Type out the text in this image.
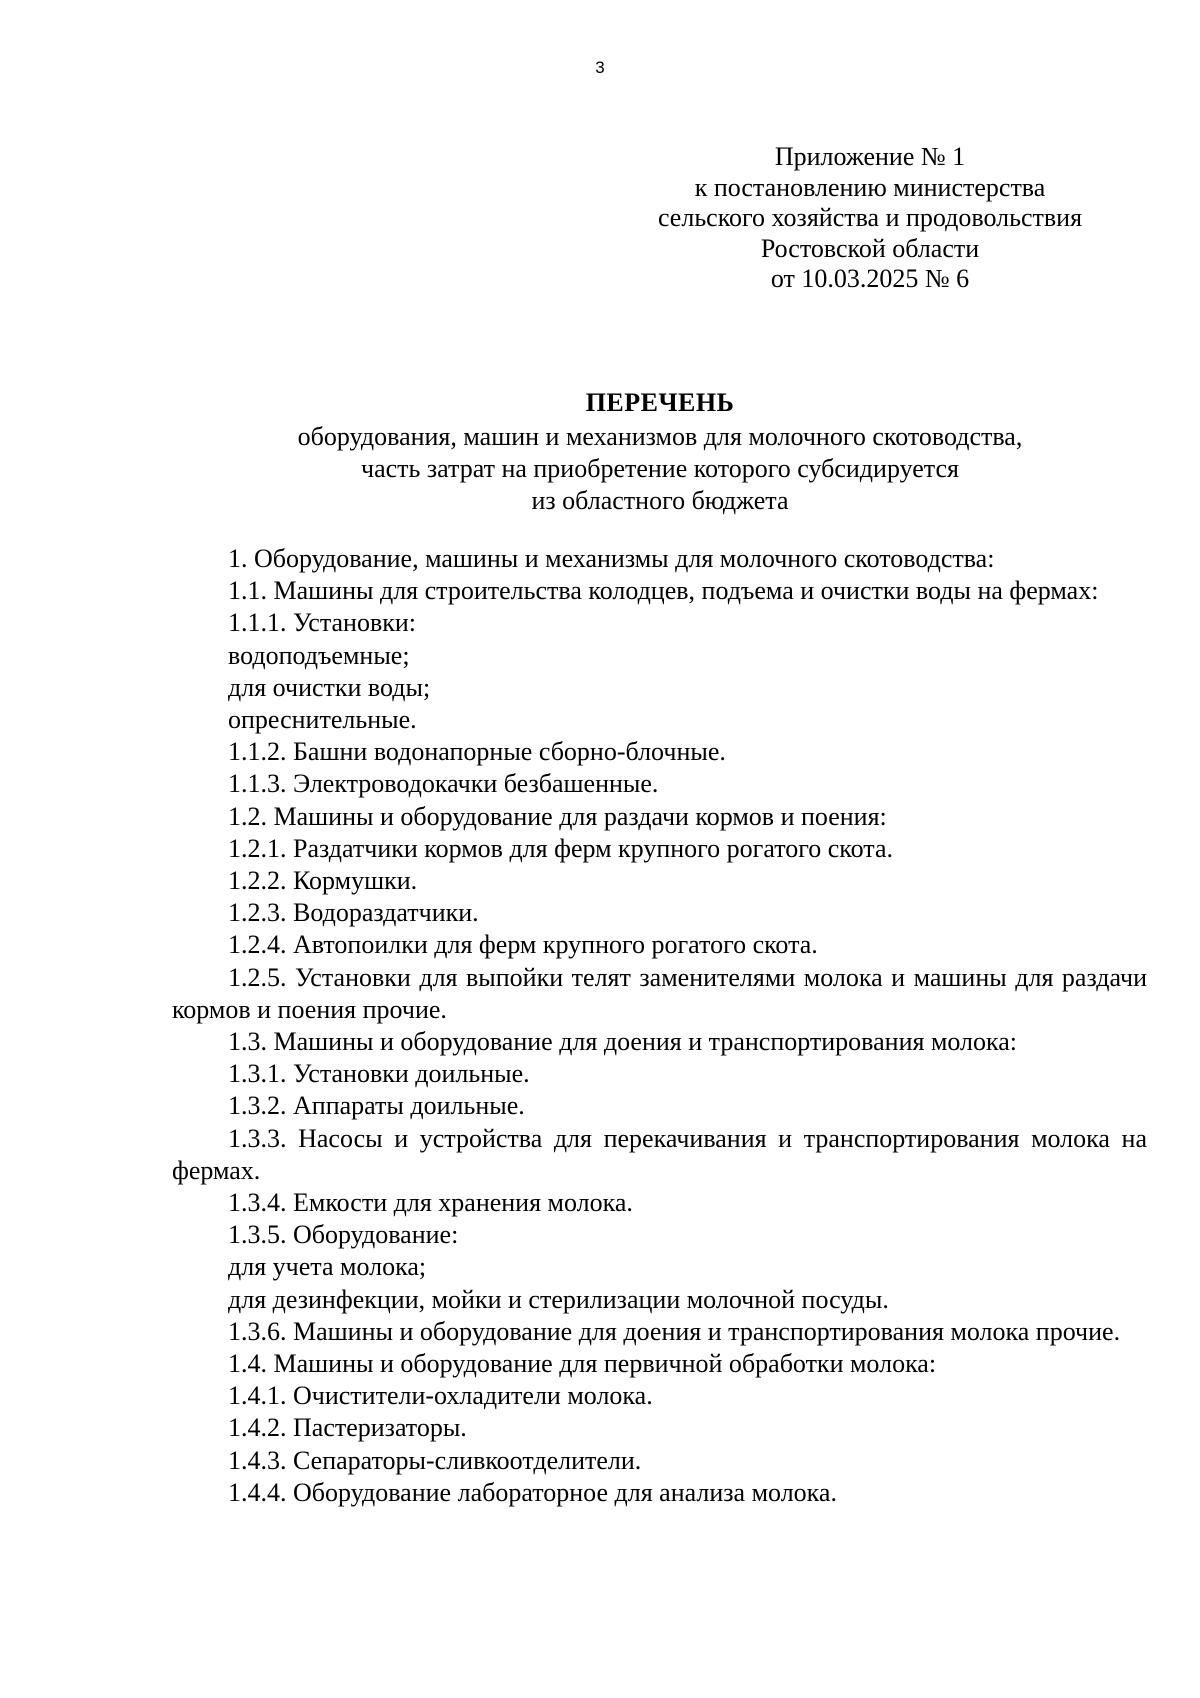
3
Приложение № 1
к постановлению министерства
сельского хозяйства и продовольствия
Ростовской области
от 10.03.2025 № 6
ПЕРЕЧЕНЬ
оборудования, машин и механизмов для молочного скотоводства,
часть затрат на приобретение которого субсидируется
из областного бюджета

1. Оборудование, машины и механизмы для молочного скотоводства:

1.1. Машины для строительства колодцев, подъема и очистки воды на фермах:

1.1.1. Установки:

водоподъемные;

для очистки воды;

опреснительные.

1.1.2. Башни водонапорные сборно-блочные.

1.1.3. Электроводокачки безбашенные.

1.2. Машины и оборудование для раздачи кормов и поения:

1.2.1. Раздатчики кормов для ферм крупного рогатого скота.

1.2.2. Кормушки.

1.2.3. Водораздатчики.

1.2.4. Автопоилки для ферм крупного рогатого скота.

1.2.5. Установки для выпойки телят заменителями молока и машины для раздачи кормов и поения прочие.

1.3. Машины и оборудование для доения и транспортирования молока:

1.3.1. Установки доильные.

1.3.2. Аппараты доильные.

1.3.3. Насосы и устройства для перекачивания и транспортирования молока на фермах.

1.3.4. Емкости для хранения молока.

1.3.5. Оборудование:

для учета молока;

для дезинфекции, мойки и стерилизации молочной посуды.

1.3.6. Машины и оборудование для доения и транспортирования молока прочие.

1.4. Машины и оборудование для первичной обработки молока:

1.4.1. Очистители-охладители молока.

1.4.2. Пастеризаторы.

1.4.3. Сепараторы-сливкоотделители.

1.4.4. Оборудование лабораторное для анализа молока.
